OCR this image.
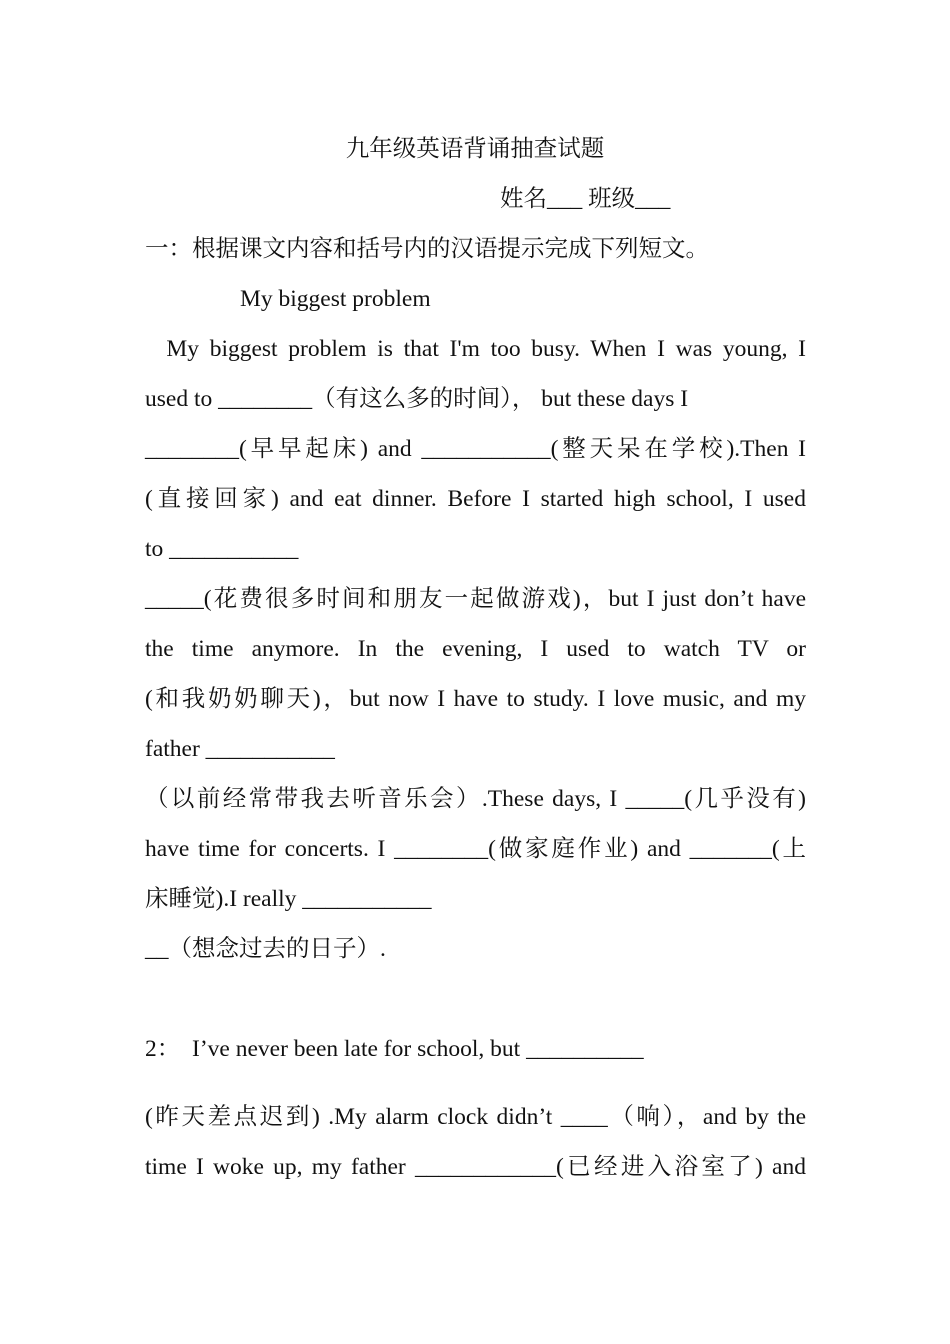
九年级英语背诵抽查试题
姓名___ 班级___
一：根据课文内容和括号内的汉语提示完成下列短文。
My biggest problem
My biggest problem is that I'm too busy. When I was young, I
used to ________（有这么多的时间）， but these days I
________(早早起床) and ___________(整天呆在学校).Then I
(直接回家) and eat dinner. Before I started high school, I used
to ___________
_____(花费很多时间和朋友一起做游戏)，but I just don’t have
the time anymore. In the evening, I used to watch TV or
(和我奶奶聊天)，but now I have to study. I love music, and my
father ___________
（以前经常带我去听音乐会）.These days, I _____(几乎没有)
have time for concerts. I ________(做家庭作业) and _______(上
床睡觉).I really ___________
__（想念过去的日子）.
2：  I’ve never been late for school, but __________
(昨天差点迟到) .My alarm clock didn’t ____（响），and by the
time I woke up, my father ____________(已经进入浴室了) and
